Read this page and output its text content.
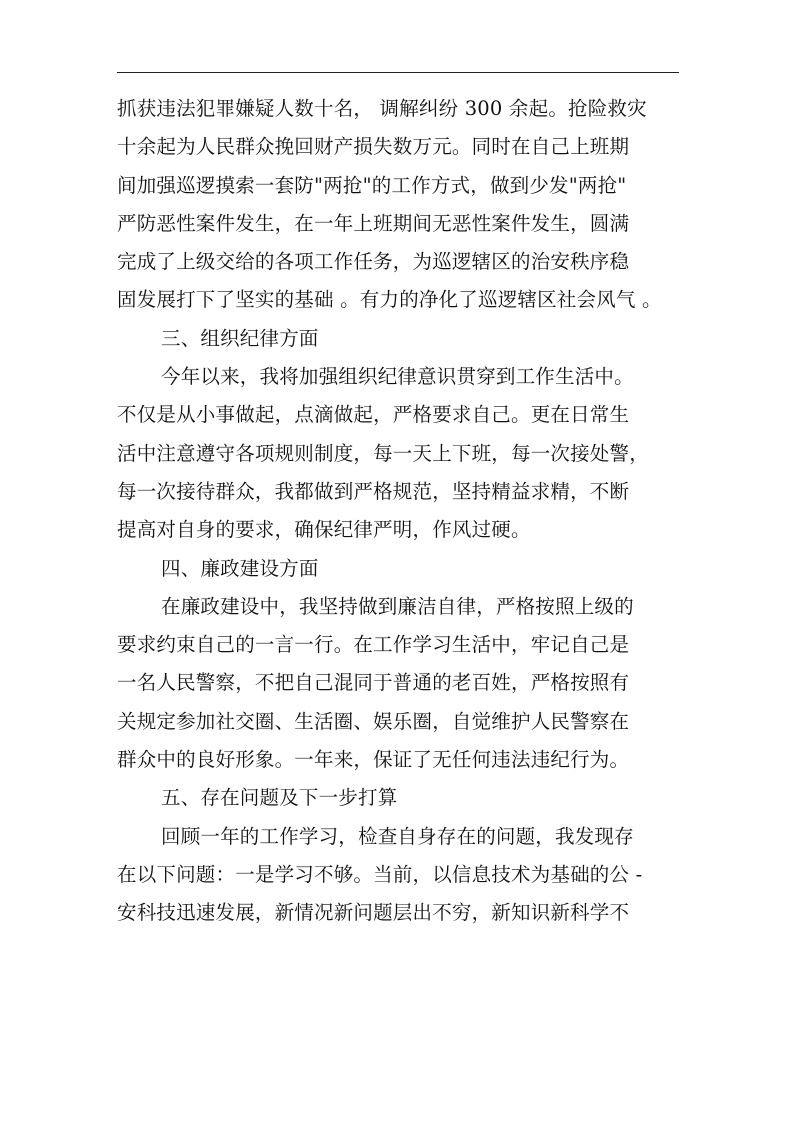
抓获违法犯罪嫌疑人数十名， 调解纠纷 300 余起。抢险救灾
十余起为人民群众挽回财产损失数万元。同时在自己上班期
间加强巡逻摸索一套防"两抢"的工作方式，做到少发"两抢"
严防恶性案件发生，在一年上班期间无恶性案件发生，圆满
完成了上级交给的各项工作任务，为巡逻辖区的治安秩序稳
固发展打下了坚实的基础 。有力的净化了巡逻辖区社会风气 。
三、组织纪律方面
今年以来，我将加强组织纪律意识贯穿到工作生活中。
不仅是从小事做起，点滴做起，严格要求自己。更在日常生
活中注意遵守各项规则制度，每一天上下班，每一次接处警，
每一次接待群众，我都做到严格规范，坚持精益求精，不断
提高对自身的要求，确保纪律严明，作风过硬。
四、廉政建设方面
在廉政建设中，我坚持做到廉洁自律，严格按照上级的
要求约束自己的一言一行。在工作学习生活中，牢记自己是
一名人民警察，不把自己混同于普通的老百姓，严格按照有
关规定参加社交圈、生活圈、娱乐圈，自觉维护人民警察在
群众中的良好形象。一年来，保证了无任何违法违纪行为。
五、存在问题及下一步打算
回顾一年的工作学习，检查自身存在的问题，我发现存
在以下问题：一是学习不够。当前，以信息技术为基础的公 -
安科技迅速发展，新情况新问题层出不穷，新知识新科学不
